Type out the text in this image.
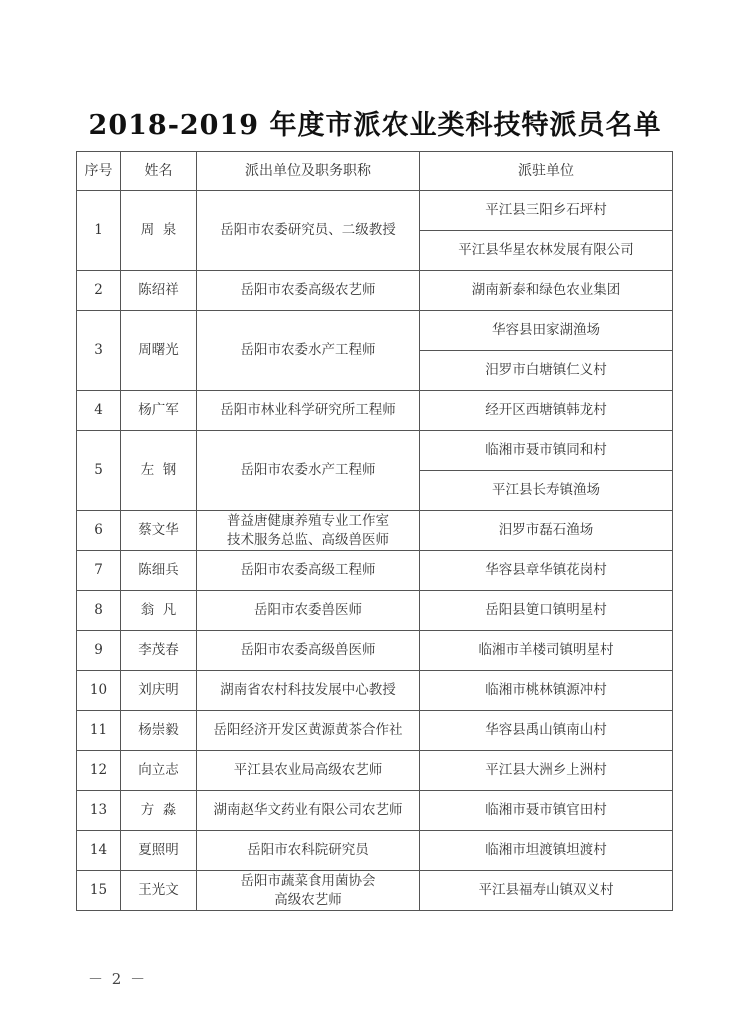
2018-2019 年度市派农业类科技特派员名单
序号	姓名	派出单位及职务职称	派驻单位
1	周  泉	岳阳市农委研究员、二级教授	平江县三阳乡石坪村
			平江县华星农林发展有限公司
2	陈绍祥	岳阳市农委高级农艺师	湖南新泰和绿色农业集团
3	周曙光	岳阳市农委水产工程师	华容县田家湖渔场
			汨罗市白塘镇仁义村
4	杨广军	岳阳市林业科学研究所工程师	经开区西塘镇韩龙村
5	左  钢	岳阳市农委水产工程师	临湘市聂市镇同和村
			平江县长寿镇渔场
6	蔡文华	普益唐健康养殖专业工作室
技术服务总监、高级兽医师	汨罗市磊石渔场
7	陈细兵	岳阳市农委高级工程师	华容县章华镇花岗村
8	翁  凡	岳阳市农委兽医师	岳阳县筻口镇明星村
9	李茂春	岳阳市农委高级兽医师	临湘市羊楼司镇明星村
10	刘庆明	湖南省农村科技发展中心教授	临湘市桃林镇源冲村
11	杨崇毅	岳阳经济开发区黄源黄茶合作社	华容县禹山镇南山村
12	向立志	平江县农业局高级农艺师	平江县大洲乡上洲村
13	方  淼	湖南赵华文药业有限公司农艺师	临湘市聂市镇官田村
14	夏照明	岳阳市农科院研究员	临湘市坦渡镇坦渡村
15	王光文	岳阳市蔬菜食用菌协会
高级农艺师	平江县福寿山镇双义村
－ 2 －
